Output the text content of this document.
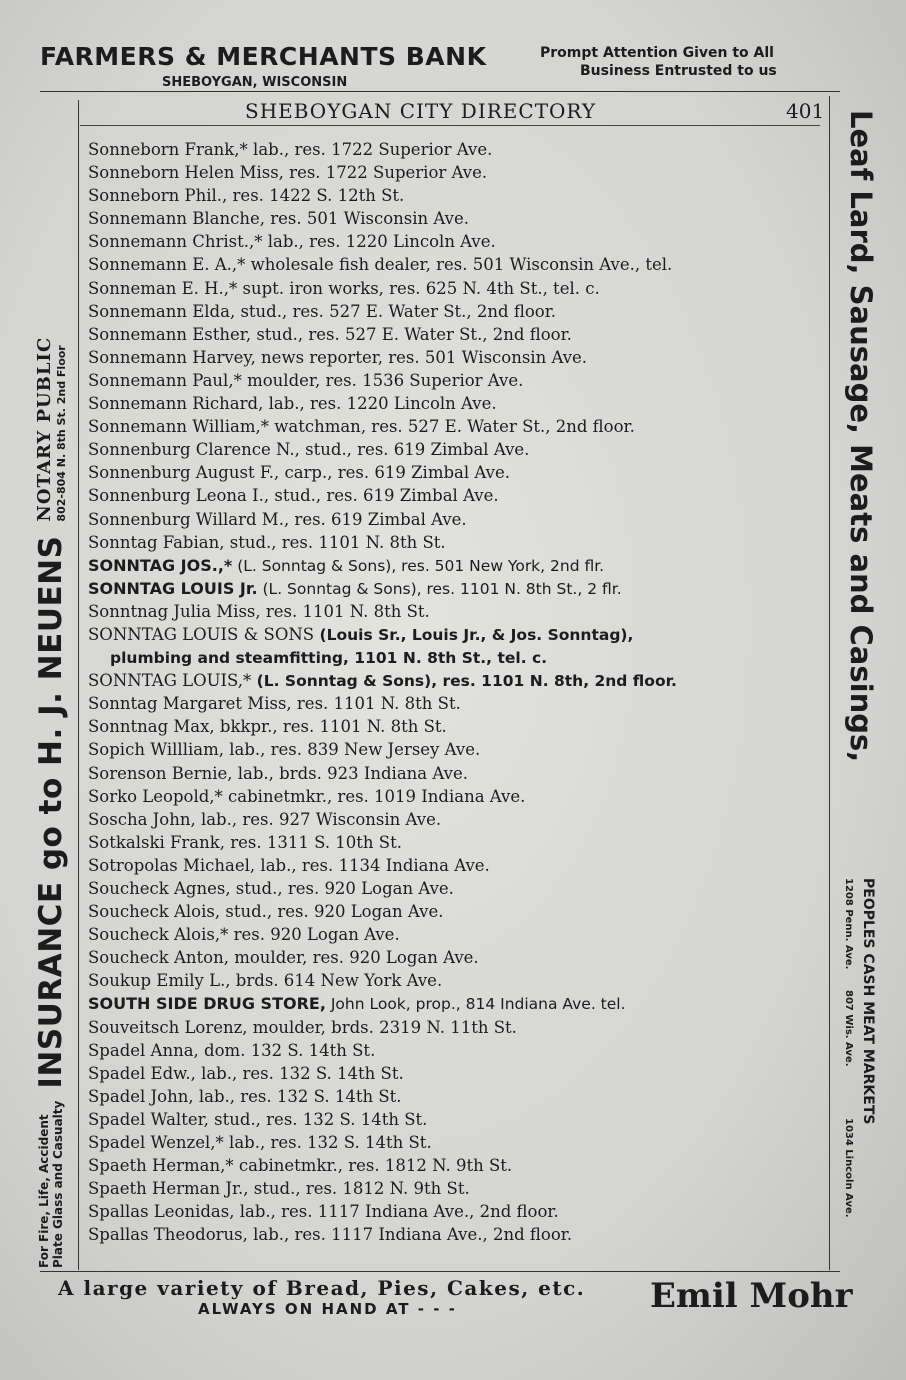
FARMERS & MERCHANTS BANK
SHEBOYGAN, WISCONSIN
Prompt Attention Given to All
Business Entrusted to us
SHEBOYGAN CITY DIRECTORY	401
For Fire, Life, Accident Plate Glass and Casualty
INSURANCE go to H. J. NEUENS
NOTARY PUBLIC 802-804 N. 8th St. 2nd Floor	Leaf Lard, Sausage, Meats and Casings,
PEOPLES CASH MEAT MARKETS
1208 Penn. Ave.
807 Wis. Ave.
1034 Lincoln Ave.
Sonneborn Frank,* lab., res. 1722 Superior Ave.
Sonneborn Helen Miss, res. 1722 Superior Ave.
Sonneborn Phil., res. 1422 S. 12th St.
Sonnemann Blanche, res. 501 Wisconsin Ave.
Sonnemann Christ.,* lab., res. 1220 Lincoln Ave.
Sonnemann E. A.,* wholesale fish dealer, res. 501 Wisconsin Ave., tel.
Sonneman E. H.,* supt. iron works, res. 625 N. 4th St., tel. c.
Sonnemann Elda, stud., res. 527 E. Water St., 2nd floor.
Sonnemann Esther, stud., res. 527 E. Water St., 2nd floor.
Sonnemann Harvey, news reporter, res. 501 Wisconsin Ave.
Sonnemann Paul,* moulder, res. 1536 Superior Ave.
Sonnemann Richard, lab., res. 1220 Lincoln Ave.
Sonnemann William,* watchman, res. 527 E. Water St., 2nd floor.
Sonnenburg Clarence N., stud., res. 619 Zimbal Ave.
Sonnenburg August F., carp., res. 619 Zimbal Ave.
Sonnenburg Leona I., stud., res. 619 Zimbal Ave.
Sonnenburg Willard M., res. 619 Zimbal Ave.
Sonntag Fabian, stud., res. 1101 N. 8th St.
SONNTAG JOS.,* (L. Sonntag & Sons), res. 501 New York, 2nd flr.
SONNTAG LOUIS Jr. (L. Sonntag & Sons), res. 1101 N. 8th St., 2 flr.
Sonntnag Julia Miss, res. 1101 N. 8th St.
SONNTAG LOUIS & SONS (Louis Sr., Louis Jr., & Jos. Sonntag),
plumbing and steamfitting, 1101 N. 8th St., tel. c.
SONNTAG LOUIS,* (L. Sonntag & Sons), res. 1101 N. 8th, 2nd floor.
Sonntag Margaret Miss, res. 1101 N. 8th St.
Sonntnag Max, bkkpr., res. 1101 N. 8th St.
Sopich Willliam, lab., res. 839 New Jersey Ave.
Sorenson Bernie, lab., brds. 923 Indiana Ave.
Sorko Leopold,* cabinetmkr., res. 1019 Indiana Ave.
Soscha John, lab., res. 927 Wisconsin Ave.
Sotkalski Frank, res. 1311 S. 10th St.
Sotropolas Michael, lab., res. 1134 Indiana Ave.
Soucheck Agnes, stud., res. 920 Logan Ave.
Soucheck Alois, stud., res. 920 Logan Ave.
Soucheck Alois,* res. 920 Logan Ave.
Soucheck Anton, moulder, res. 920 Logan Ave.
Soukup Emily L., brds. 614 New York Ave.
SOUTH SIDE DRUG STORE, John Look, prop., 814 Indiana Ave. tel.
Souveitsch Lorenz, moulder, brds. 2319 N. 11th St.
Spadel Anna, dom. 132 S. 14th St.
Spadel Edw., lab., res. 132 S. 14th St.
Spadel John, lab., res. 132 S. 14th St.
Spadel Walter, stud., res. 132 S. 14th St.
Spadel Wenzel,* lab., res. 132 S. 14th St.
Spaeth Herman,* cabinetmkr., res. 1812 N. 9th St.
Spaeth Herman Jr., stud., res. 1812 N. 9th St.
Spallas Leonidas, lab., res. 1117 Indiana Ave., 2nd floor.
Spallas Theodorus, lab., res. 1117 Indiana Ave., 2nd floor.
A large variety of Bread, Pies, Cakes, etc.
ALWAYS ON HAND AT - - -	Emil Mohr
